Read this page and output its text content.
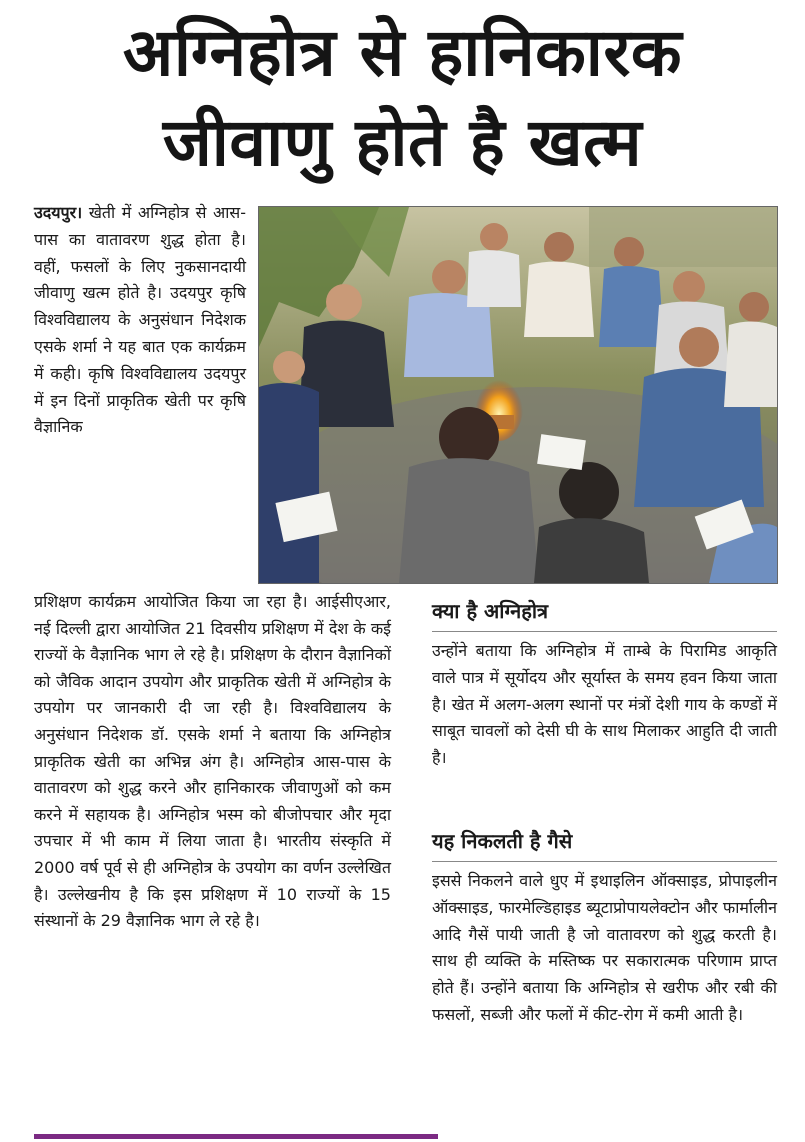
अग्निहोत्र से हानिकारक
जीवाणु होते है खत्म

उदयपुर। खेती में अग्निहोत्र से आस-पास का वातावरण शुद्ध होता है। वहीं, फसलों के लिए नुकसानदायी जीवाणु खत्म होते है। उदयपुर कृषि विश्वविद्यालय के अनुसंधान निदेशक एसके शर्मा ने यह बात एक कार्यक्रम में कही। कृषि विश्वविद्यालय उदयपुर में इन दिनों प्राकृतिक खेती पर कृषि वैज्ञानिक

प्रशिक्षण कार्यक्रम आयोजित किया जा रहा है। आईसीएआर, नई दिल्ली द्वारा आयोजित 21 दिवसीय प्रशिक्षण में देश के कई राज्यों के वैज्ञानिक भाग ले रहे है। प्रशिक्षण के दौरान वैज्ञानिकों को जैविक आदान उपयोग और प्राकृतिक खेती में अग्निहोत्र के उपयोग पर जानकारी दी जा रही है। विश्वविद्यालय के अनुसंधान निदेशक डॉ. एसके शर्मा ने बताया कि अग्निहोत्र प्राकृतिक खेती का अभिन्न अंग है। अग्निहोत्र आस-पास के वातावरण को शुद्ध करने और हानिकारक जीवाणुओं को कम करने में सहायक है। अग्निहोत्र भस्म को बीजोपचार और मृदा उपचार में भी काम में लिया जाता है। भारतीय संस्कृति में 2000 वर्ष पूर्व से ही अग्निहोत्र के उपयोग का वर्णन उल्लेखित है। उल्लेखनीय है कि इस प्रशिक्षण में 10 राज्यों के 15 संस्थानों के 29 वैज्ञानिक भाग ले रहे है।

क्या है अग्निहोत्र

उन्होंने बताया कि अग्निहोत्र में ताम्बे के पिरामिड आकृति वाले पात्र में सूर्योदय और सूर्यास्त के समय हवन किया जाता है। खेत में अलग-अलग स्थानों पर मंत्रों देशी गाय के कण्डों में साबूत चावलों को देसी घी के साथ मिलाकर आहुति दी जाती है।

यह निकलती है गैसे

इससे निकलने वाले धुए में इथाइलिन ऑक्साइड, प्रोपाइलीन ऑक्साइड, फारमेल्डिहाइड ब्यूटाप्रोपायलेक्टोन और फार्मालीन आदि गैसें पायी जाती है जो वातावरण को शुद्ध करती है। साथ ही व्यक्ति के मस्तिष्क पर सकारात्मक परिणाम प्राप्त होते हैं। उन्होंने बताया कि अग्निहोत्र से खरीफ और रबी की फसलों, सब्जी और फलों में कीट-रोग में कमी आती है।
